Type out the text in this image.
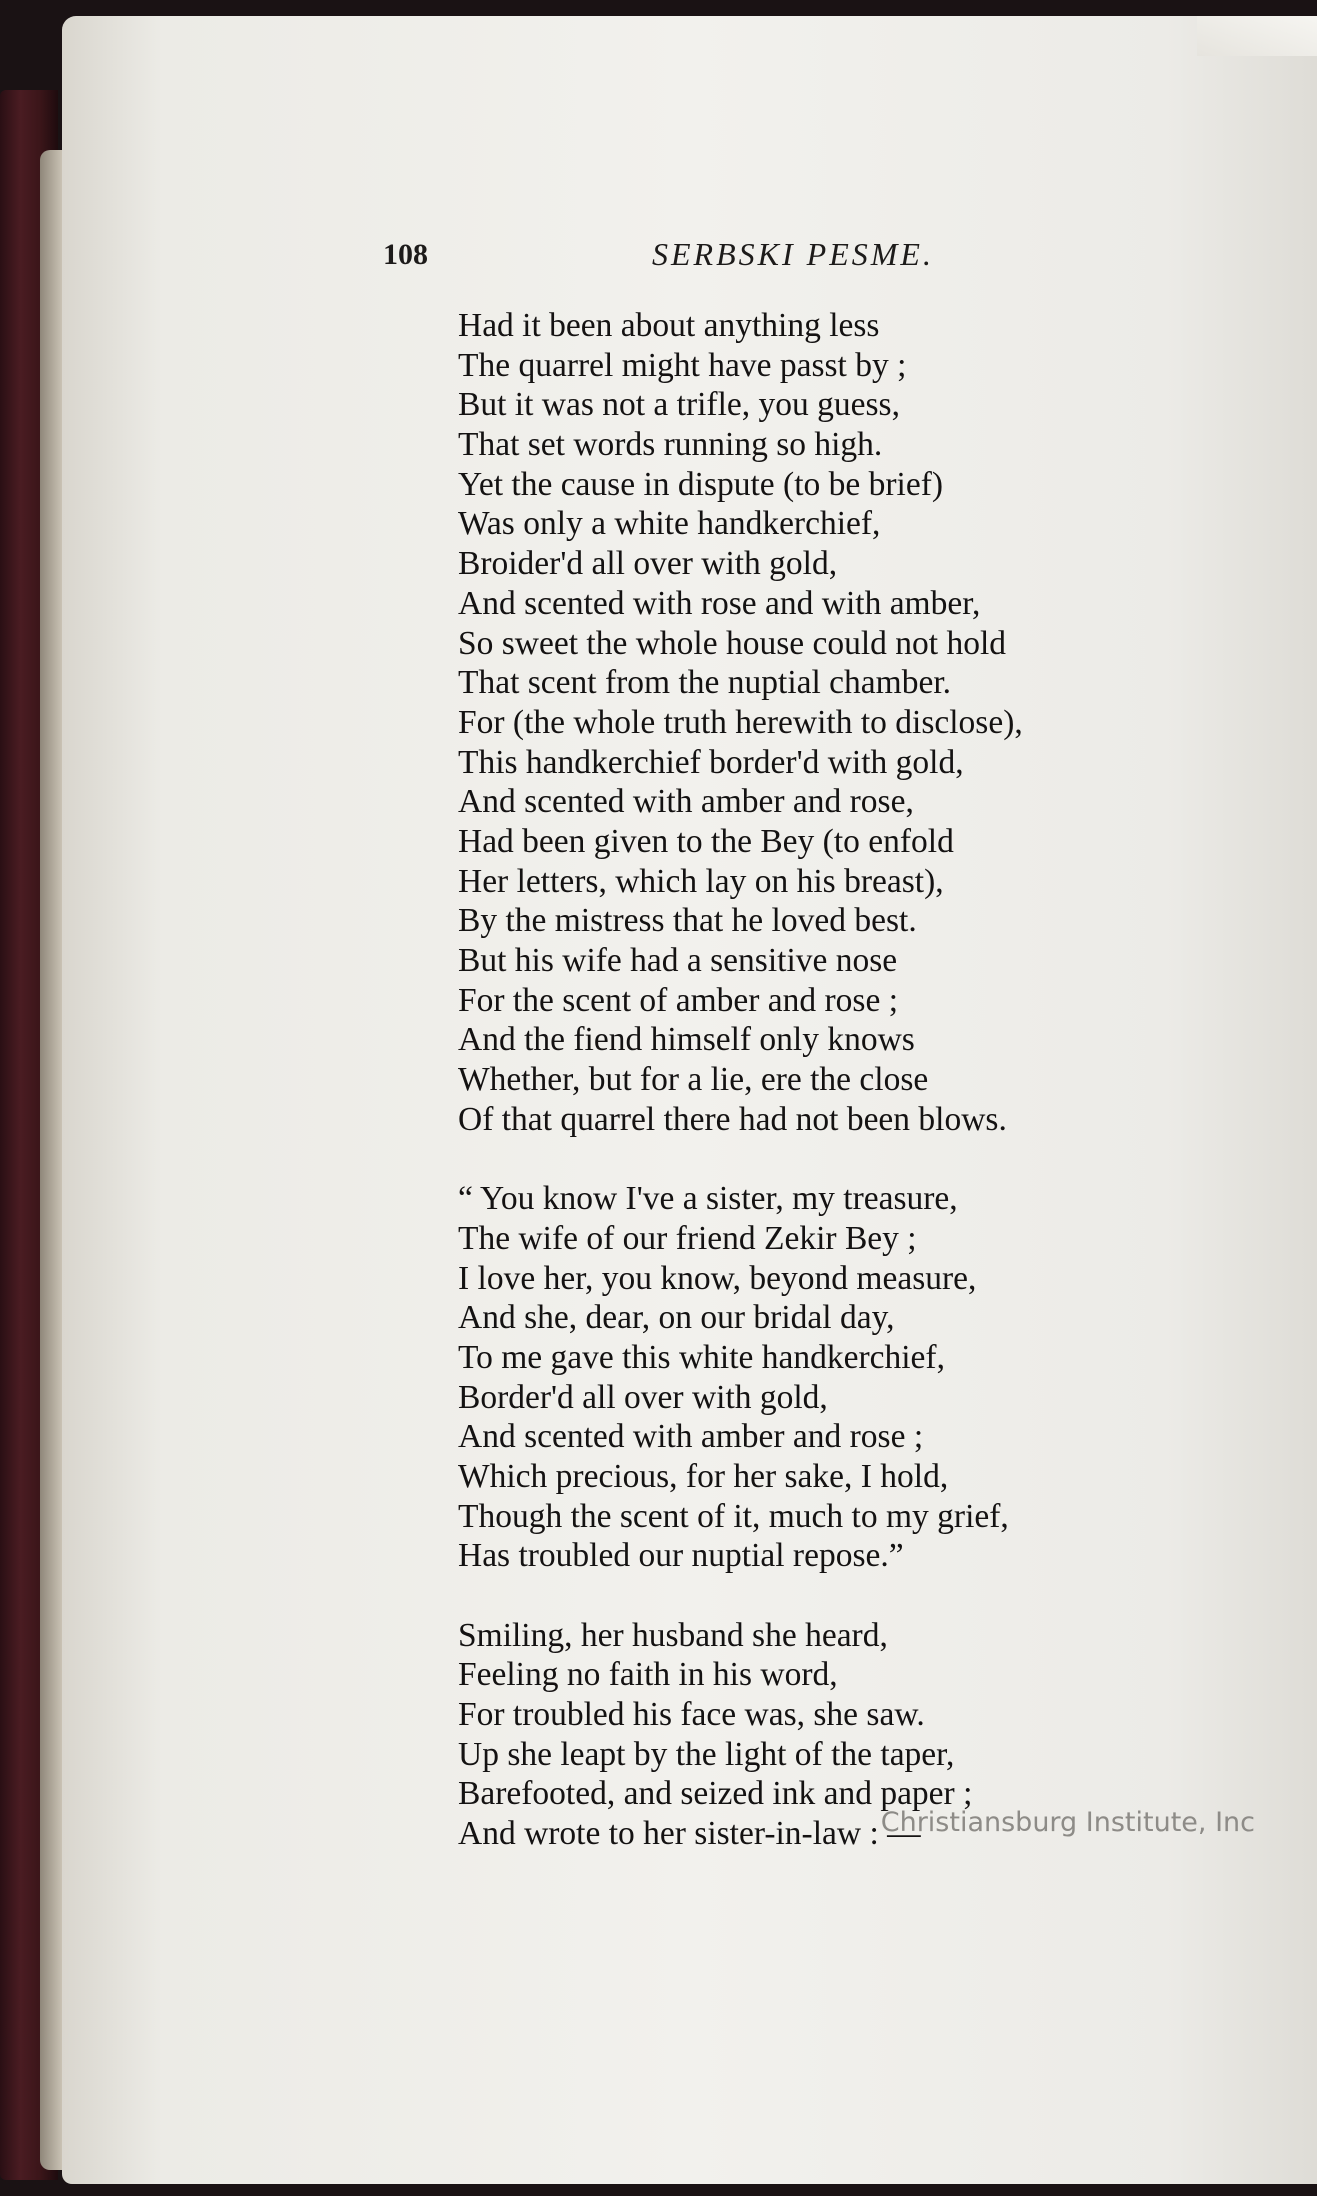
108	SERBSKI PESME.
Had it been about anything less
The quarrel might have passt by ;
But it was not a trifle, you guess,
That set words running so high.
Yet the cause in dispute (to be brief)
Was only a white handkerchief,
Broider'd all over with gold,
And scented with rose and with amber,
So sweet the whole house could not hold
That scent from the nuptial chamber.
For (the whole truth herewith to disclose),
This handkerchief border'd with gold,
And scented with amber and rose,
Had been given to the Bey (to enfold
Her letters, which lay on his breast),
By the mistress that he loved best.
But his wife had a sensitive nose
For the scent of amber and rose ;
And the fiend himself only knows
Whether, but for a lie, ere the close
Of that quarrel there had not been blows.
“ You know I've a sister, my treasure,
The wife of our friend Zekir Bey ;
I love her, you know, beyond measure,
And she, dear, on our bridal day,
To me gave this white handkerchief,
Border'd all over with gold,
And scented with amber and rose ;
Which precious, for her sake, I hold,
Though the scent of it, much to my grief,
Has troubled our nuptial repose.”
Smiling, her husband she heard,
Feeling no faith in his word,
For troubled his face was, she saw.
Up she leapt by the light of the taper,
Barefooted, and seized ink and paper ;
And wrote to her sister-in-law : —
Christiansburg Institute, Inc
